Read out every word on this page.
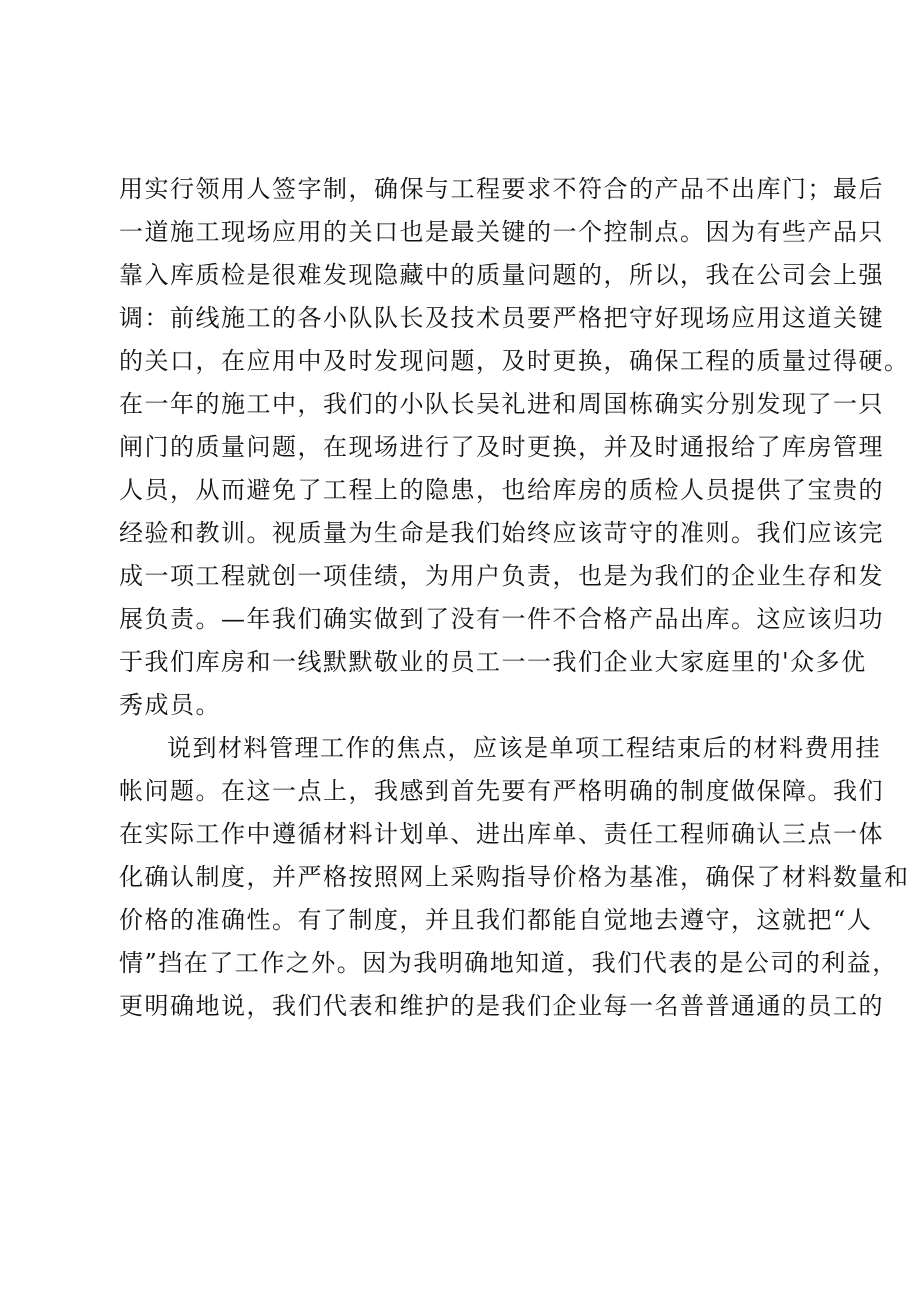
用实行领用人签字制，确保与工程要求不符合的产品不出库门；最后
一道施工现场应用的关口也是最关键的一个控制点。因为有些产品只
靠入库质检是很难发现隐藏中的质量问题的，所以，我在公司会上强
调：前线施工的各小队队长及技术员要严格把守好现场应用这道关键
的关口，在应用中及时发现问题，及时更换，确保工程的质量过得硬。
在一年的施工中，我们的小队长吴礼进和周国栋确实分别发现了一只
闸门的质量问题，在现场进行了及时更换，并及时通报给了库房管理
人员，从而避免了工程上的隐患，也给库房的质检人员提供了宝贵的
经验和教训。视质量为生命是我们始终应该苛守的准则。我们应该完
成一项工程就创一项佳绩，为用户负责，也是为我们的企业生存和发
展负责。—年我们确实做到了没有一件不合格产品出库。这应该归功
于我们库房和一线默默敬业的员工一一我们企业大家庭里的'众多优
秀成员。
说到材料管理工作的焦点，应该是单项工程结束后的材料费用挂
帐问题。在这一点上，我感到首先要有严格明确的制度做保障。我们
在实际工作中遵循材料计划单、进出库单、责任工程师确认三点一体
化确认制度，并严格按照网上采购指导价格为基准，确保了材料数量和
价格的准确性。有了制度，并且我们都能自觉地去遵守，这就把“人
情”挡在了工作之外。因为我明确地知道，我们代表的是公司的利益，
更明确地说，我们代表和维护的是我们企业每一名普普通通的员工的
